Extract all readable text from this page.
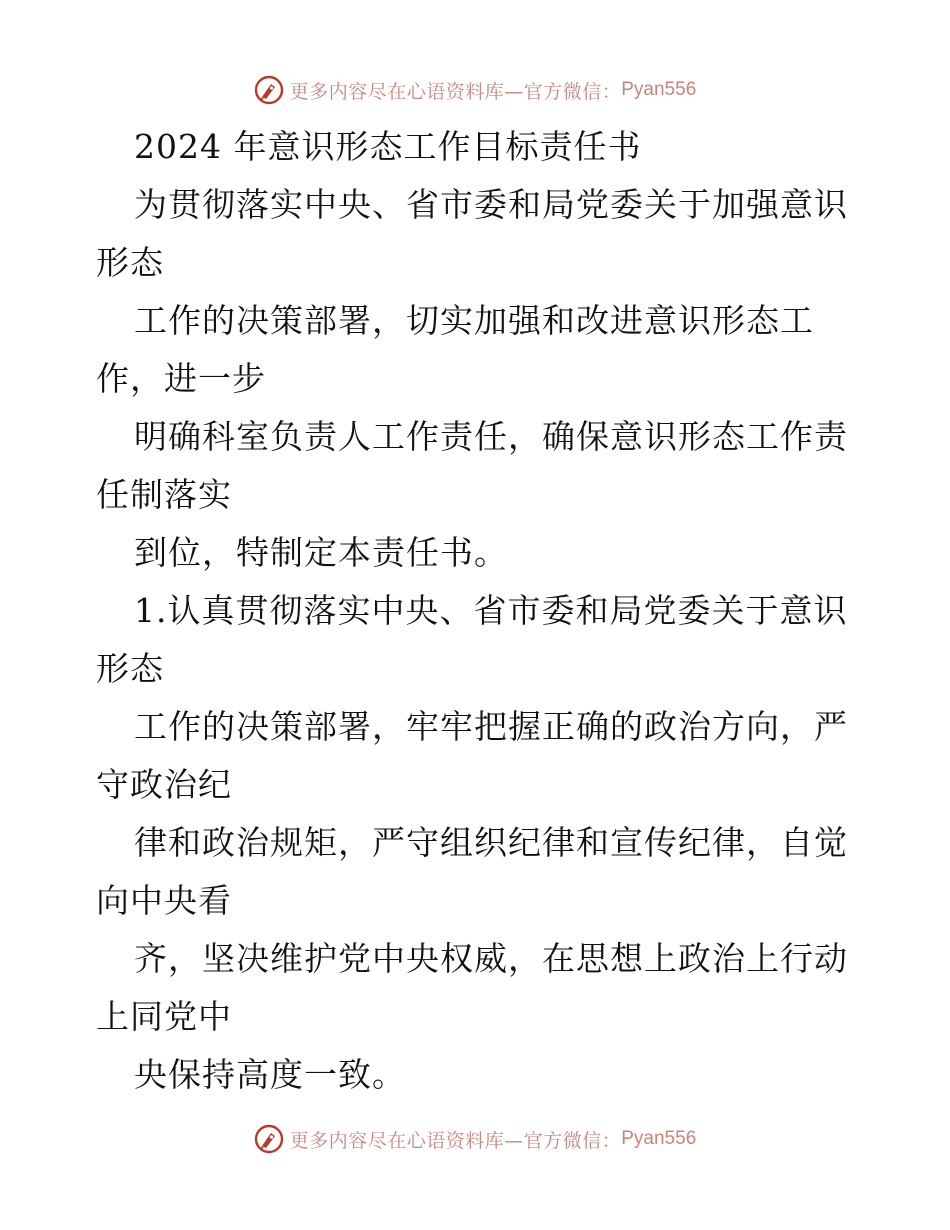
更多内容尽在心语资料库—官方微信： Pyan556
2024 年意识形态工作目标责任书
为贯彻落实中央、省市委和局党委关于加强意识
形态
工作的决策部署，切实加强和改进意识形态工
作，进一步
明确科室负责人工作责任，确保意识形态工作责
任制落实
到位，特制定本责任书。
1.认真贯彻落实中央、省市委和局党委关于意识
形态
工作的决策部署，牢牢把握正确的政治方向，严
守政治纪
律和政治规矩，严守组织纪律和宣传纪律，自觉
向中央看
齐，坚决维护党中央权威，在思想上政治上行动
上同党中
央保持高度一致。
更多内容尽在心语资料库—官方微信： Pyan556
